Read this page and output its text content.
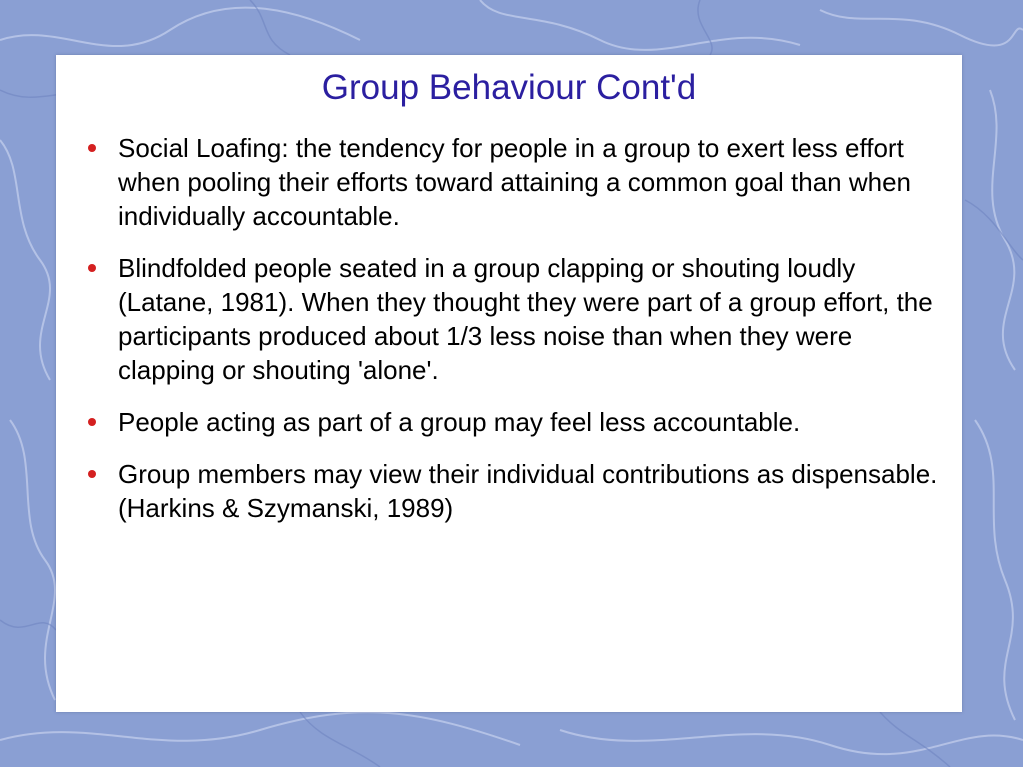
Group Behaviour Cont'd
Social Loafing: the tendency for people in a group to exert less effort when pooling their efforts toward attaining a common goal than when individually accountable.
Blindfolded people seated in a group clapping or shouting loudly (Latane, 1981). When they thought they were part of a group effort, the participants produced about 1/3 less noise than when they were clapping or shouting 'alone'.
People acting as part of a group may feel less accountable.
Group members may view their individual contributions as dispensable. (Harkins & Szymanski, 1989)
